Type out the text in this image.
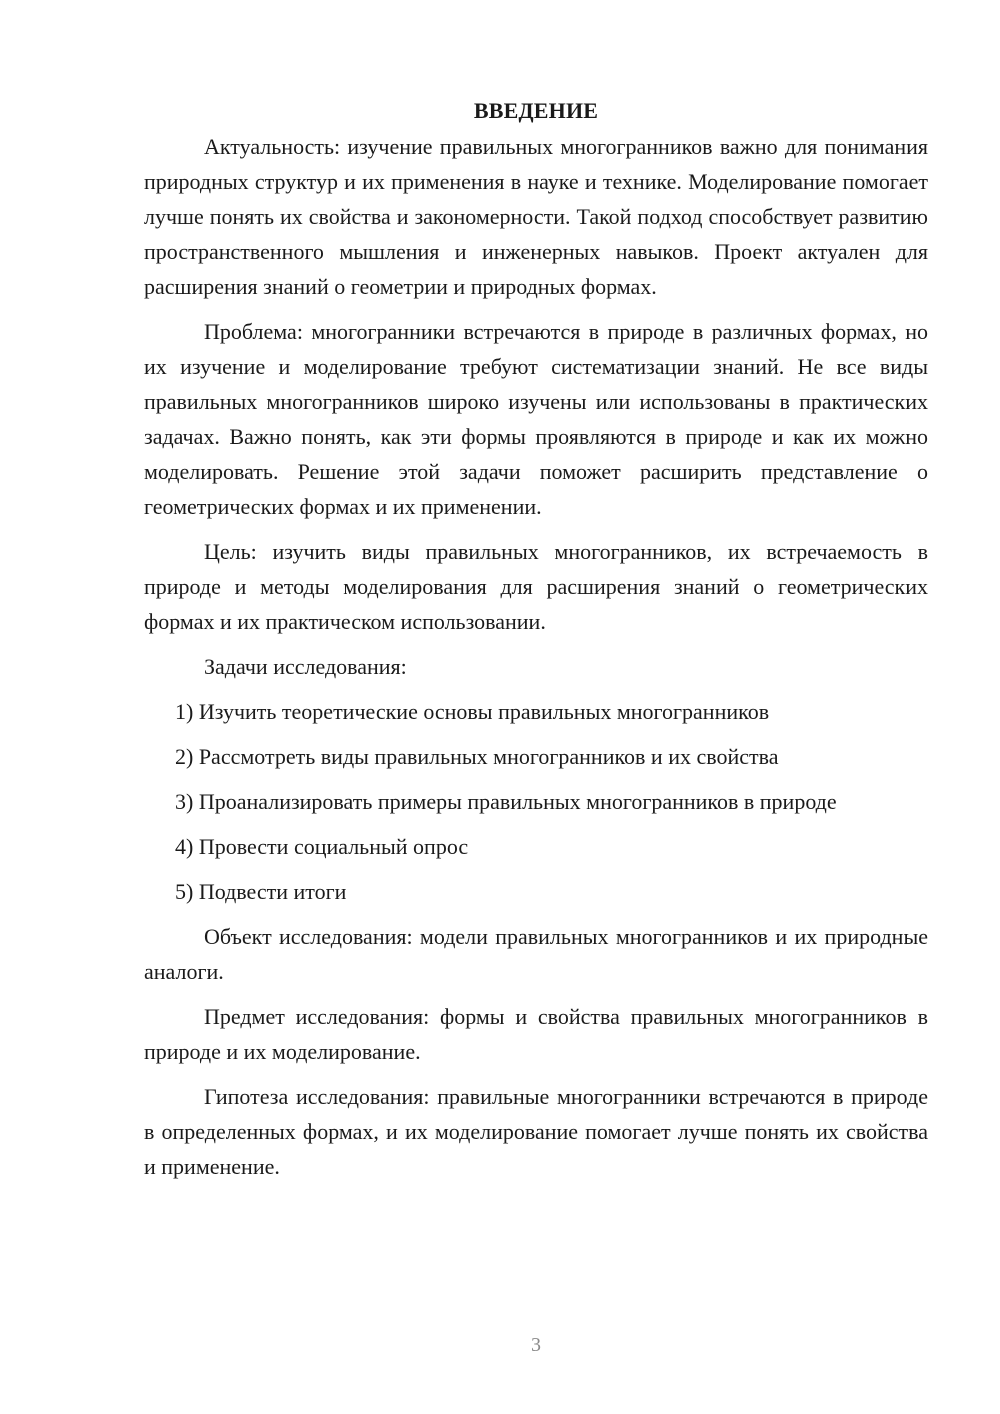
ВВЕДЕНИЕ

Актуальность: изучение правильных многогранников важно для понимания природных структур и их применения в науке и технике. Моделирование помогает лучше понять их свойства и закономерности. Такой подход способствует развитию пространственного мышления и инженерных навыков. Проект актуален для расширения знаний о геометрии и природных формах.

Проблема: многогранники встречаются в природе в различных формах, но их изучение и моделирование требуют систематизации знаний. Не все виды правильных многогранников широко изучены или использованы в практических задачах. Важно понять, как эти формы проявляются в природе и как их можно моделировать. Решение этой задачи поможет расширить представление о геометрических формах и их применении.

Цель: изучить виды правильных многогранников, их встречаемость в природе и методы моделирования для расширения знаний о геометрических формах и их практическом использовании.

Задачи исследования:

1) Изучить теоретические основы правильных многогранников

2) Рассмотреть виды правильных многогранников и их свойства

3) Проанализировать примеры правильных многогранников в природе

4) Провести социальный опрос

5) Подвести итоги

Объект исследования: модели правильных многогранников и их природные аналоги.

Предмет исследования: формы и свойства правильных многогранников в природе и их моделирование.

Гипотеза исследования: правильные многогранники встречаются в природе в определенных формах, и их моделирование помогает лучше понять их свойства и применение.

3
